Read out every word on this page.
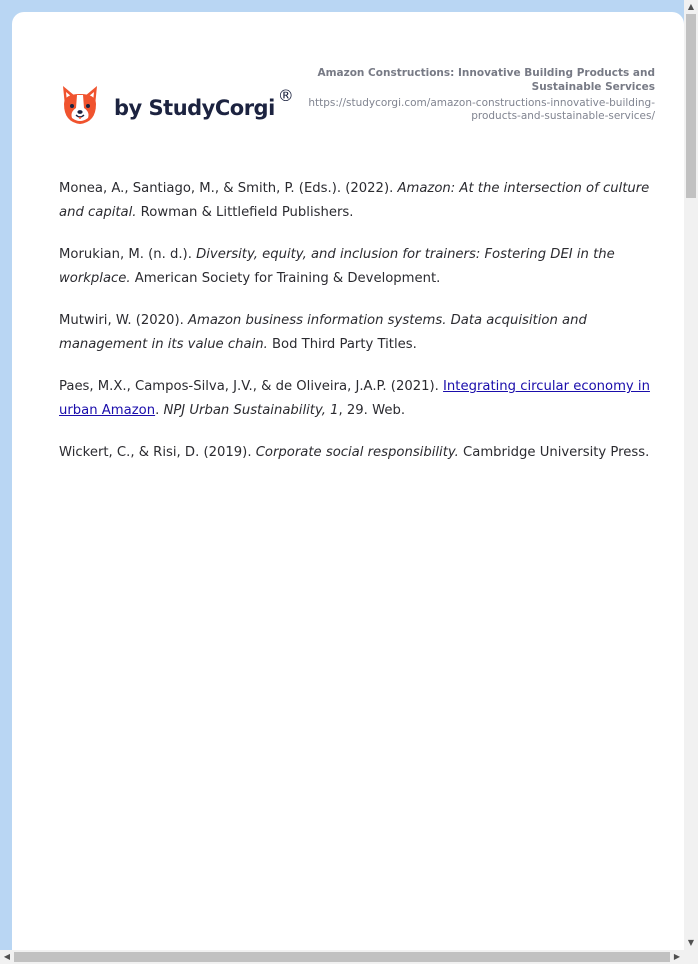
by StudyCorgi
®
Amazon Constructions: Innovative Building Products and Sustainable Services
https://studycorgi.com/amazon-constructions-innovative-building-products-and-sustainable-services/

Monea, A., Santiago, M., & Smith, P. (Eds.). (2022). Amazon: At the intersection of culture and capital. Rowman & Littlefield Publishers.

Morukian, M. (n. d.). Diversity, equity, and inclusion for trainers: Fostering DEI in the workplace. American Society for Training & Development.

Mutwiri, W. (2020). Amazon business information systems. Data acquisition and management in its value chain. Bod Third Party Titles.

Paes, M.X., Campos-Silva, J.V., & de Oliveira, J.A.P. (2021). Integrating circular economy in urban Amazon. NPJ Urban Sustainability, 1, 29. Web.

Wickert, C., & Risi, D. (2019). Corporate social responsibility. Cambridge University Press.

▲
▼
◀	▶
